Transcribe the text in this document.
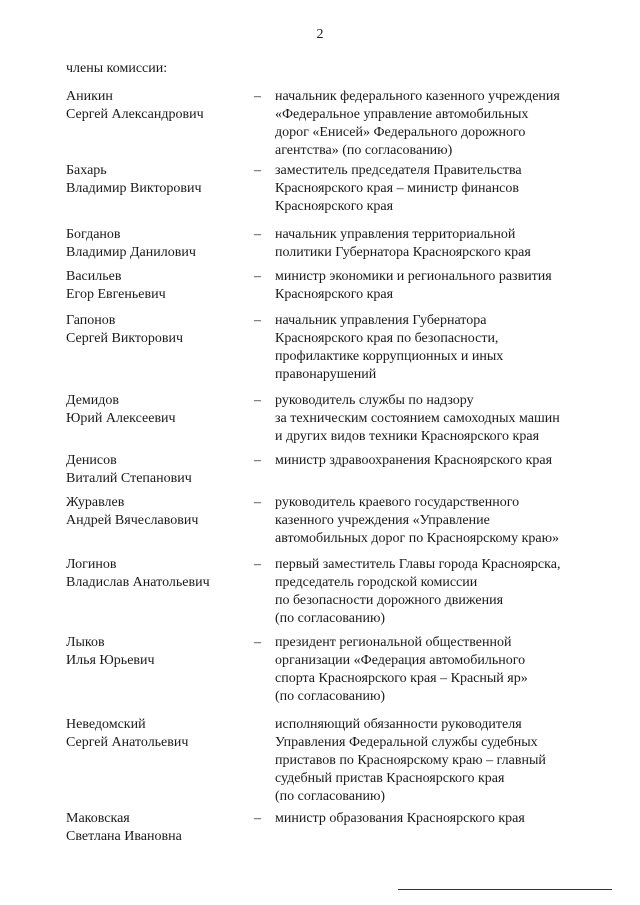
2
члены комиссии:
Аникин
Сергей Александрович
– начальник федерального казенного учреждения
«Федеральное управление автомобильных
дорог «Енисей» Федерального дорожного
агентства» (по согласованию)
Бахарь
Владимир Викторович
– заместитель председателя Правительства
Красноярского края – министр финансов
Красноярского края
Богданов
Владимир Данилович
– начальник управления территориальной
политики Губернатора Красноярского края
Васильев
Егор Евгеньевич
– министр экономики и регионального развития
Красноярского края
Гапонов
Сергей Викторович
– начальник управления Губернатора
Красноярского края по безопасности,
профилактике коррупционных и иных
правонарушений
Демидов
Юрий Алексеевич
– руководитель службы по надзору
за техническим состоянием самоходных машин
и других видов техники Красноярского края
Денисов
Виталий Степанович
– министр здравоохранения Красноярского края
Журавлев
Андрей Вячеславович
– руководитель краевого государственного
казенного учреждения «Управление
автомобильных дорог по Красноярскому краю»
Логинов
Владислав Анатольевич
– первый заместитель Главы города Красноярска,
председатель городской комиссии
по безопасности дорожного движения
(по согласованию)
Лыков
Илья Юрьевич
– президент региональной общественной
организации «Федерация автомобильного
спорта Красноярского края – Красный яр»
(по согласованию)
Неведомский
Сергей Анатольевич
исполняющий обязанности руководителя
Управления Федеральной службы судебных
приставов по Красноярскому краю – главный
судебный пристав Красноярского края
(по согласованию)
Маковская
Светлана Ивановна
– министр образования Красноярского края
